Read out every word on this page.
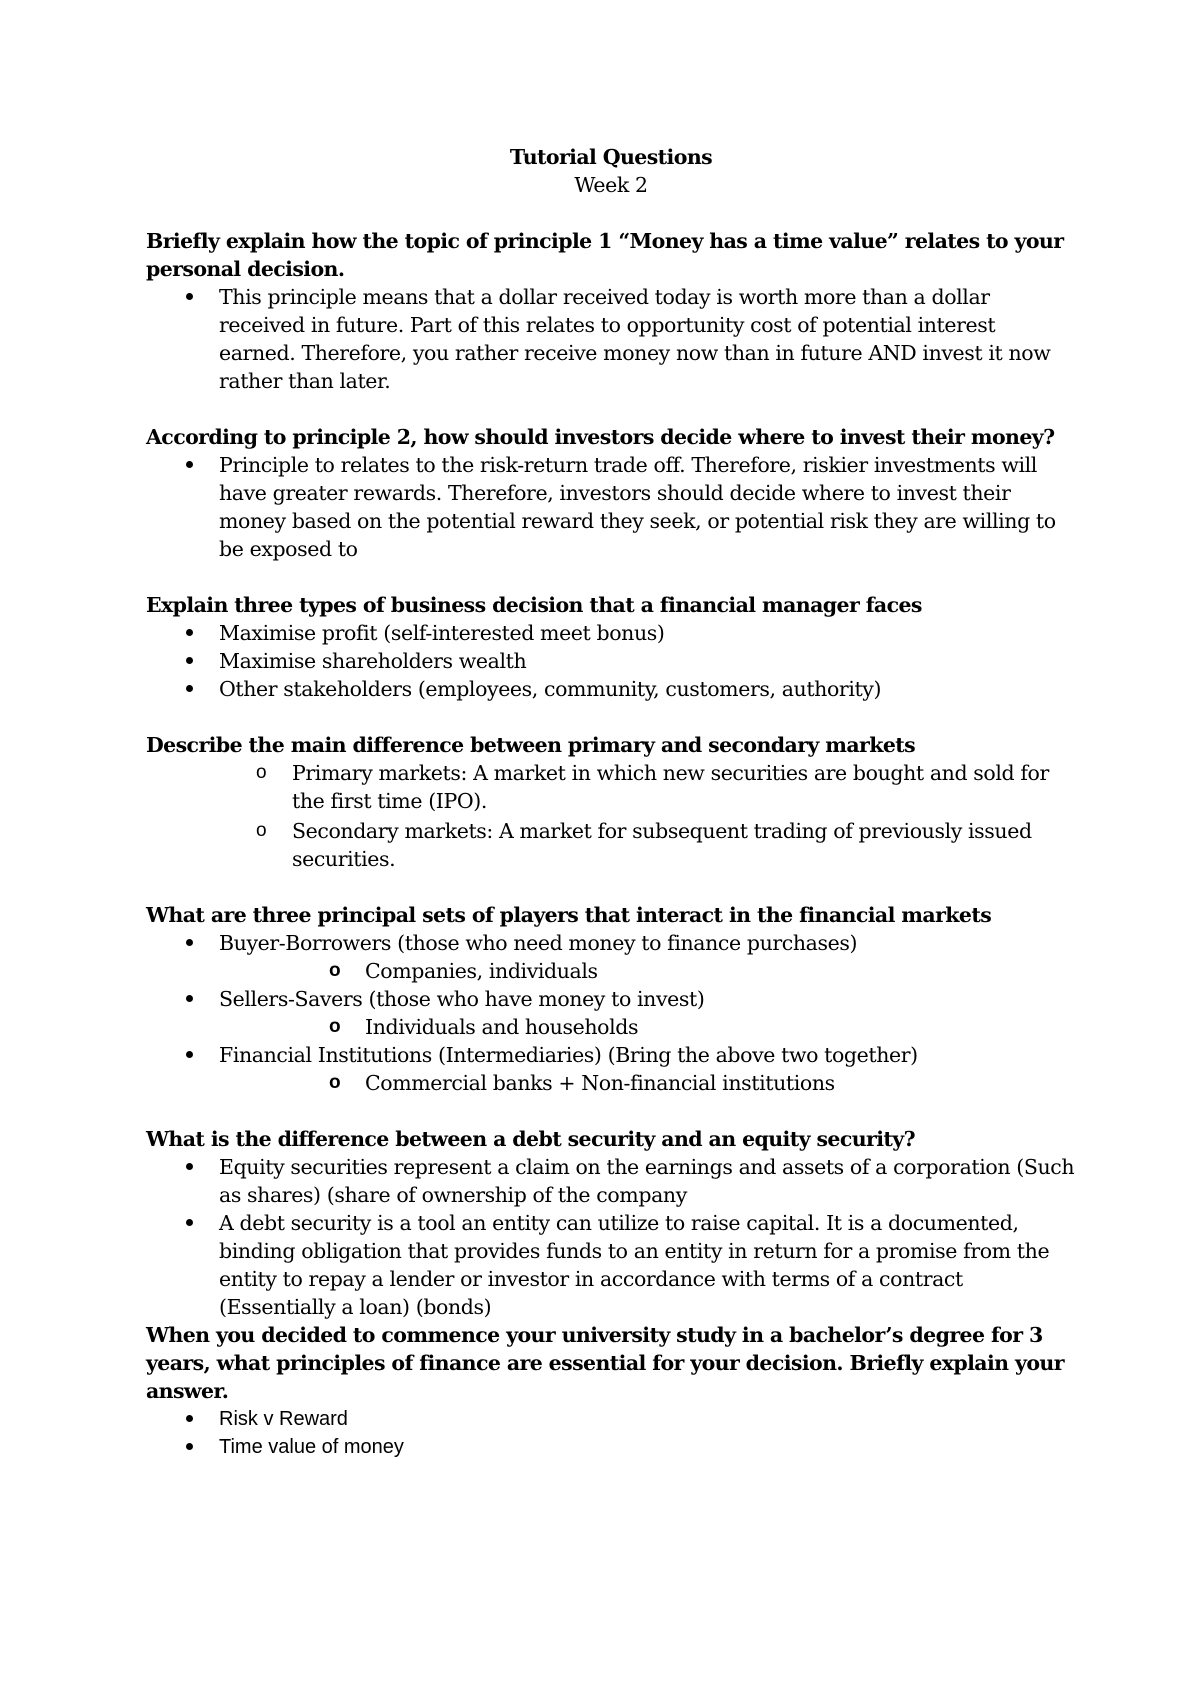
Tutorial Questions
Week 2
Briefly explain how the topic of principle 1 “Money has a time value” relates to your personal decision.
This principle means that a dollar received today is worth more than a dollar received in future. Part of this relates to opportunity cost of potential interest earned. Therefore, you rather receive money now than in future AND invest it now rather than later.
According to principle 2, how should investors decide where to invest their money?
Principle to relates to the risk-return trade off. Therefore, riskier investments will have greater rewards. Therefore, investors should decide where to invest their money based on the potential reward they seek, or potential risk they are willing to be exposed to
Explain three types of business decision that a financial manager faces
Maximise profit (self-interested meet bonus)
Maximise shareholders wealth
Other stakeholders (employees, community, customers, authority)
Describe the main difference between primary and secondary markets
o Primary markets: A market in which new securities are bought and sold for the first time (IPO).
o Secondary markets: A market for subsequent trading of previously issued securities.
What are three principal sets of players that interact in the financial markets
Buyer-Borrowers (those who need money to finance purchases)
o Companies, individuals
Sellers-Savers (those who have money to invest)
o Individuals and households
Financial Institutions (Intermediaries) (Bring the above two together)
o Commercial banks + Non-financial institutions
What is the difference between a debt security and an equity security?
Equity securities represent a claim on the earnings and assets of a corporation (Such as shares) (share of ownership of the company
A debt security is a tool an entity can utilize to raise capital. It is a documented, binding obligation that provides funds to an entity in return for a promise from the entity to repay a lender or investor in accordance with terms of a contract (Essentially a loan) (bonds)
When you decided to commence your university study in a bachelor’s degree for 3 years, what principles of finance are essential for your decision. Briefly explain your answer.
Risk v Reward
Time value of money
